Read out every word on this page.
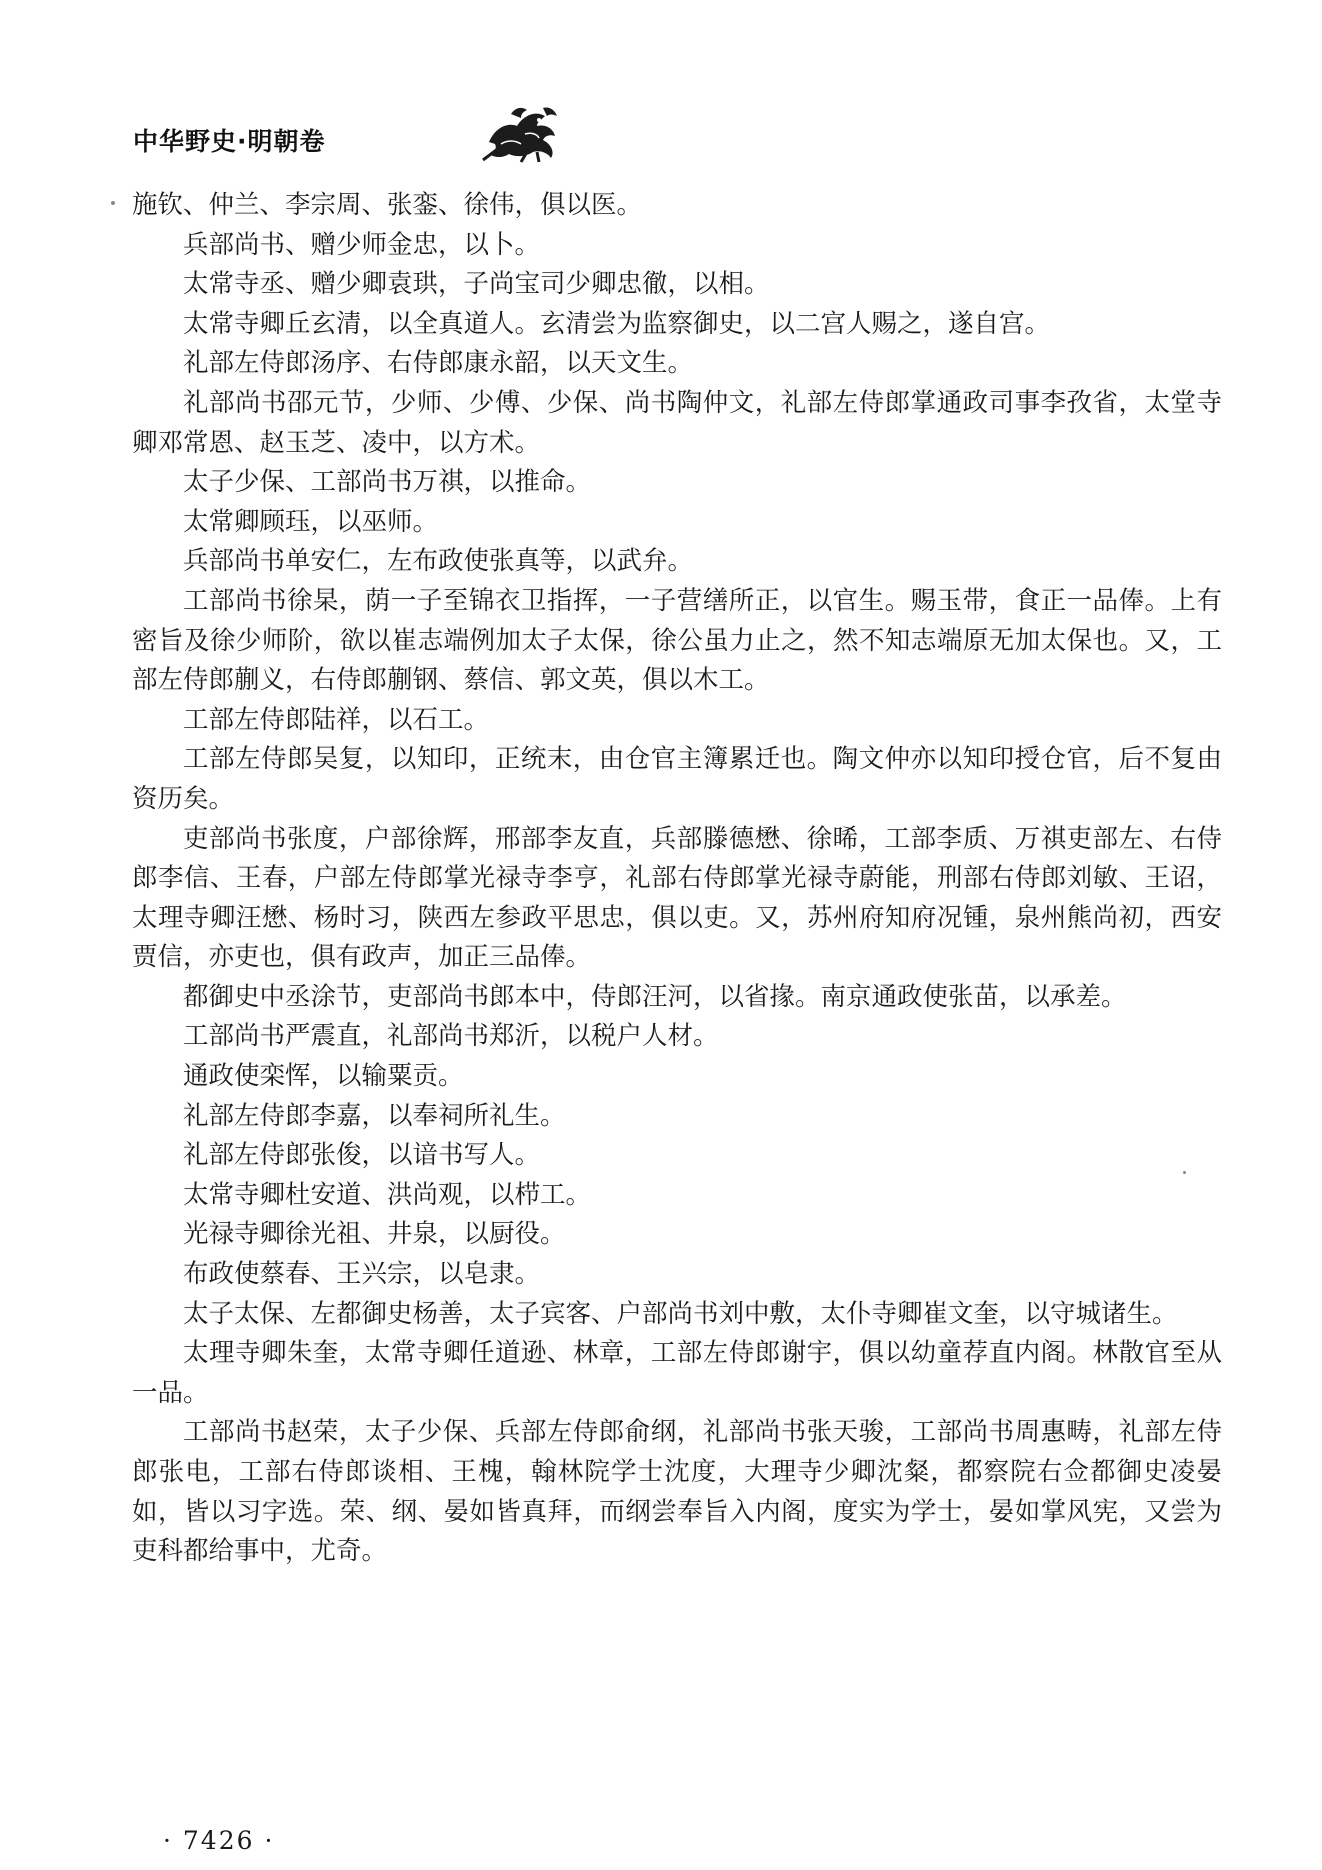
中华野史·明朝卷

施钦、仲兰、李宗周、张銮、徐伟，俱以医。

兵部尚书、赠少师金忠，以卜。

太常寺丞、赠少卿袁珙，子尚宝司少卿忠徹，以相。

太常寺卿丘玄清，以全真道人。玄清尝为监察御史，以二宫人赐之，遂自宫。

礼部左侍郎汤序、右侍郎康永韶，以天文生。

礼部尚书邵元节，少师、少傅、少保、尚书陶仲文，礼部左侍郎掌通政司事李孜省，太堂寺卿邓常恩、赵玉芝、凌中，以方术。

太子少保、工部尚书万祺，以推命。

太常卿顾珏，以巫师。

兵部尚书单安仁，左布政使张真等，以武弁。

工部尚书徐杲，荫一子至锦衣卫指挥，一子营缮所正，以官生。赐玉带，食正一品俸。上有密旨及徐少师阶，欲以崔志端例加太子太保，徐公虽力止之，然不知志端原无加太保也。又，工部左侍郎蒯义，右侍郎蒯钢、蔡信、郭文英，俱以木工。

工部左侍郎陆祥，以石工。

工部左侍郎吴复，以知印，正统末，由仓官主簿累迁也。陶文仲亦以知印授仓官，后不复由资历矣。

吏部尚书张度，户部徐辉，邢部李友直，兵部滕德懋、徐晞，工部李质、万祺吏部左、右侍郎李信、王春，户部左侍郎掌光禄寺李亨，礼部右侍郎掌光禄寺蔚能，刑部右侍郎刘敏、王诏，太理寺卿汪懋、杨时习，陕西左参政平思忠，俱以吏。又，苏州府知府况锺，泉州熊尚初，西安贾信，亦吏也，俱有政声，加正三品俸。

都御史中丞涂节，吏部尚书郎本中，侍郎汪河，以省掾。南京通政使张苗，以承差。

工部尚书严震直，礼部尚书郑沂，以税户人材。

通政使栾恽，以输粟贡。

礼部左侍郎李嘉，以奉祠所礼生。

礼部左侍郎张俊，以谙书写人。

太常寺卿杜安道、洪尚观，以栉工。

光禄寺卿徐光祖、井泉，以厨役。

布政使蔡春、王兴宗，以皂隶。

太子太保、左都御史杨善，太子宾客、户部尚书刘中敷，太仆寺卿崔文奎，以守城诸生。

太理寺卿朱奎，太常寺卿任道逊、林章，工部左侍郎谢宇，俱以幼童荐直内阁。林散官至从一品。

工部尚书赵荣，太子少保、兵部左侍郎俞纲，礼部尚书张天骏，工部尚书周惠畴，礼部左侍郎张电，工部右侍郎谈相、王槐，翰林院学士沈度，大理寺少卿沈粲，都察院右佥都御史凌晏如，皆以习字选。荣、纲、晏如皆真拜，而纲尝奉旨入内阁，度实为学士，晏如掌风宪，又尝为吏科都给事中，尤奇。

· 7426 ·
